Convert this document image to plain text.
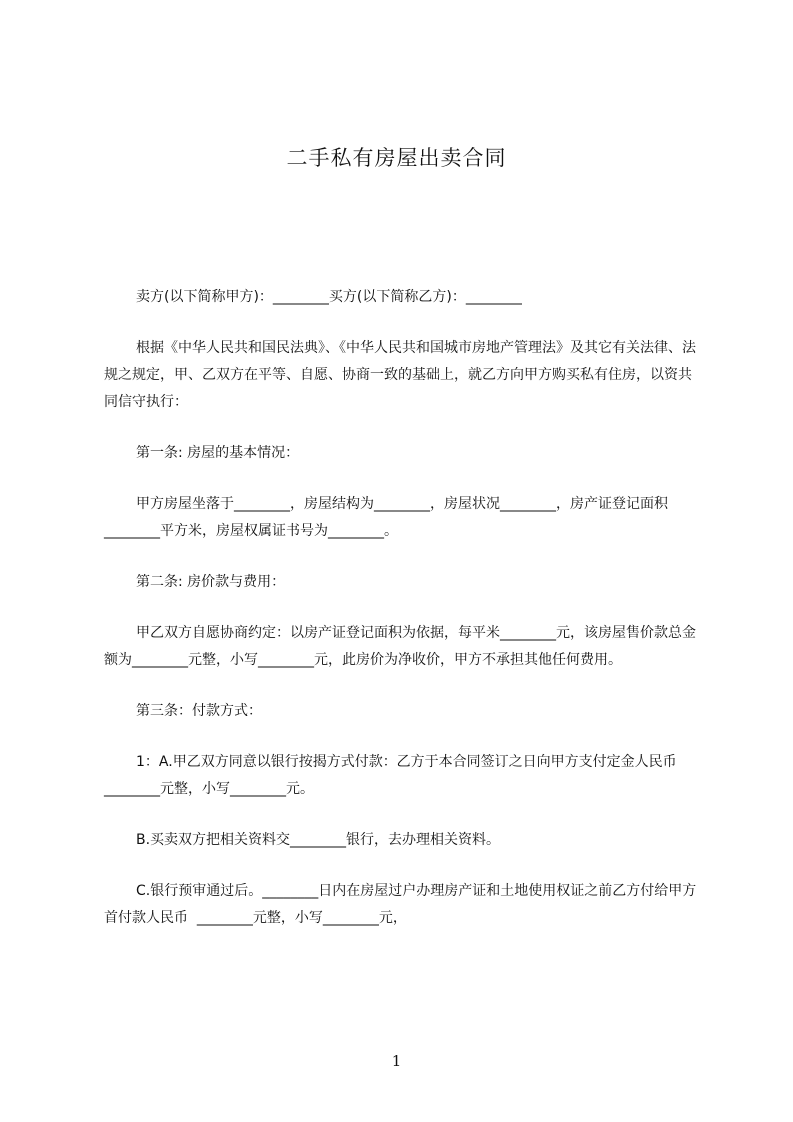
二手私有房屋出卖合同

卖方(以下简称甲方)：________买方(以下简称乙方)：________

根据《中华人民共和国民法典》、《中华人民共和国城市房地产管理法》及其它有关法律、法规之规定，甲、乙双方在平等、自愿、协商一致的基础上，就乙方向甲方购买私有住房，以资共同信守执行：

第一条: 房屋的基本情况：

甲方房屋坐落于________，房屋结构为________，房屋状况________，房产证登记面积________平方米，房屋权属证书号为________。

第二条: 房价款与费用：

甲乙双方自愿协商约定：以房产证登记面积为依据，每平米________元，该房屋售价款总金额为________元整，小写________元，此房价为净收价，甲方不承担其他任何费用。

第三条：付款方式：

1：A.甲乙双方同意以银行按揭方式付款：乙方于本合同签订之日向甲方支付定金人民币________元整，小写________元。

B.买卖双方把相关资料交________银行，去办理相关资料。

C.银行预审通过后。________日内在房屋过户办理房产证和土地使用权证之前乙方付给甲方首付款人民币  ________元整，小写________元，

1
